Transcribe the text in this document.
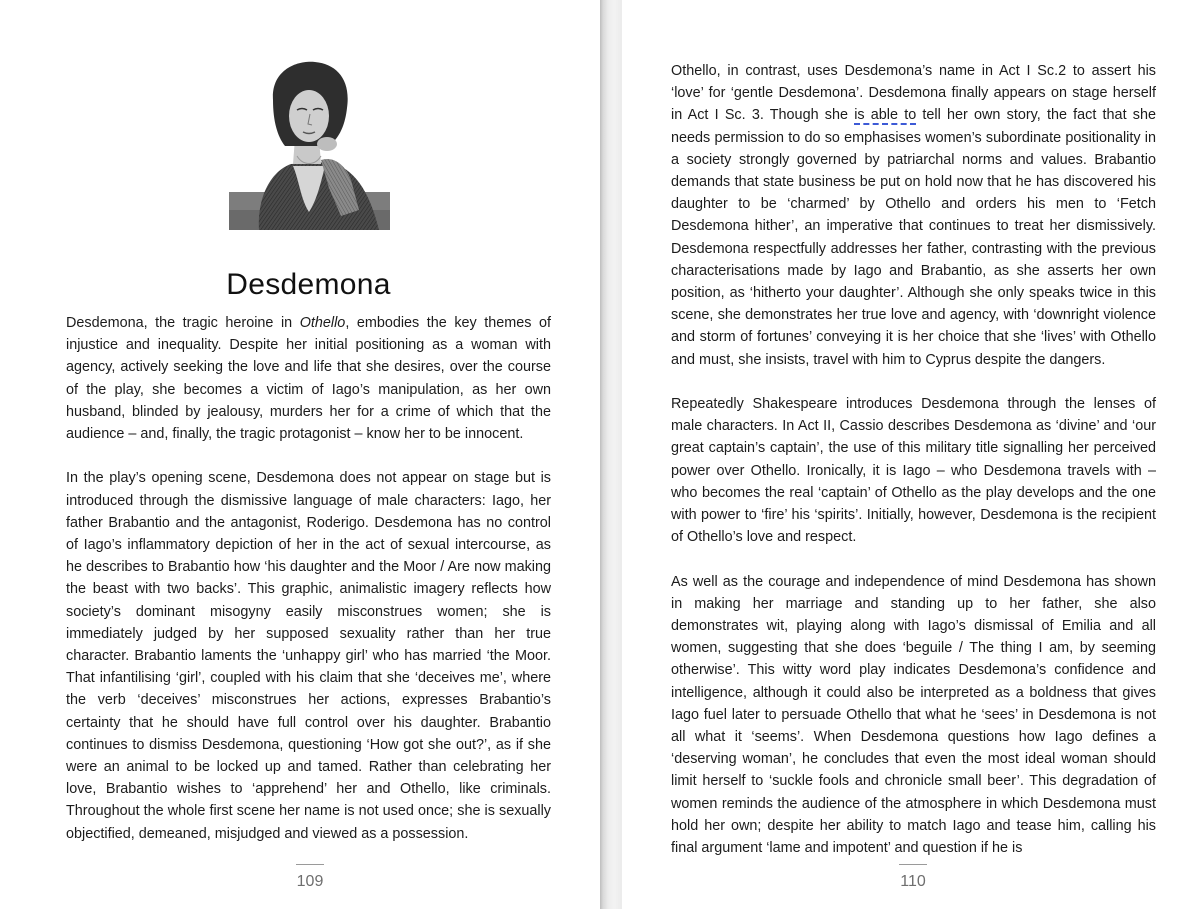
Desdemona

Desdemona, the tragic heroine in Othello, embodies the key themes of injustice and inequality. Despite her initial positioning as a woman with agency, actively seeking the love and life that she desires, over the course of the play, she becomes a victim of Iago’s manipulation, as her own husband, blinded by jealousy, murders her for a crime of which that the audience – and, finally, the tragic protagonist – know her to be innocent.

In the play’s opening scene, Desdemona does not appear on stage but is introduced through the dismissive language of male characters: Iago, her father Brabantio and the antagonist, Roderigo. Desdemona has no control of Iago’s inflammatory depiction of her in the act of sexual intercourse, as he describes to Brabantio how ‘his daughter and the Moor / Are now making the beast with two backs’. This graphic, animalistic imagery reflects how society’s dominant misogyny easily misconstrues women; she is immediately judged by her supposed sexuality rather than her true character. Brabantio laments the ‘unhappy girl’ who has married ‘the Moor. That infantilising ‘girl’, coupled with his claim that she ‘deceives me’, where the verb ‘deceives’ misconstrues her actions, expresses Brabantio’s certainty that he should have full control over his daughter. Brabantio continues to dismiss Desdemona, questioning ‘How got she out?’, as if she were an animal to be locked up and tamed. Rather than celebrating her love, Brabantio wishes to ‘apprehend’ her and Othello, like criminals. Throughout the whole first scene her name is not used once; she is sexually objectified, demeaned, misjudged and viewed as a possession.

109

Othello, in contrast, uses Desdemona’s name in Act I Sc.2 to assert his ‘love’ for ‘gentle Desdemona’. Desdemona finally appears on stage herself in Act I Sc. 3. Though she is able to tell her own story, the fact that she needs permission to do so emphasises women’s subordinate positionality in a society strongly governed by patriarchal norms and values. Brabantio demands that state business be put on hold now that he has discovered his daughter to be ‘charmed’ by Othello and orders his men to ‘Fetch Desdemona hither’, an imperative that continues to treat her dismissively. Desdemona respectfully addresses her father, contrasting with the previous characterisations made by Iago and Brabantio, as she asserts her own position, as ‘hitherto your daughter’. Although she only speaks twice in this scene, she demonstrates her true love and agency, with ‘downright violence and storm of fortunes’ conveying it is her choice that she ‘lives’ with Othello and must, she insists, travel with him to Cyprus despite the dangers.

Repeatedly Shakespeare introduces Desdemona through the lenses of male characters. In Act II, Cassio describes Desdemona as ‘divine’ and ‘our great captain’s captain’, the use of this military title signalling her perceived power over Othello. Ironically, it is Iago – who Desdemona travels with – who becomes the real ‘captain’ of Othello as the play develops and the one with power to ‘fire’ his ‘spirits’. Initially, however, Desdemona is the recipient of Othello’s love and respect.

As well as the courage and independence of mind Desdemona has shown in making her marriage and standing up to her father, she also demonstrates wit, playing along with Iago’s dismissal of Emilia and all women, suggesting that she does ‘beguile / The thing I am, by seeming otherwise’. This witty word play indicates Desdemona’s confidence and intelligence, although it could also be interpreted as a boldness that gives Iago fuel later to persuade Othello that what he ‘sees’ in Desdemona is not all what it ‘seems’. When Desdemona questions how Iago defines a ‘deserving woman’, he concludes that even the most ideal woman should limit herself to ‘suckle fools and chronicle small beer’. This degradation of women reminds the audience of the atmosphere in which Desdemona must hold her own; despite her ability to match Iago and tease him, calling his final argument ‘lame and impotent’ and question if he is

110
